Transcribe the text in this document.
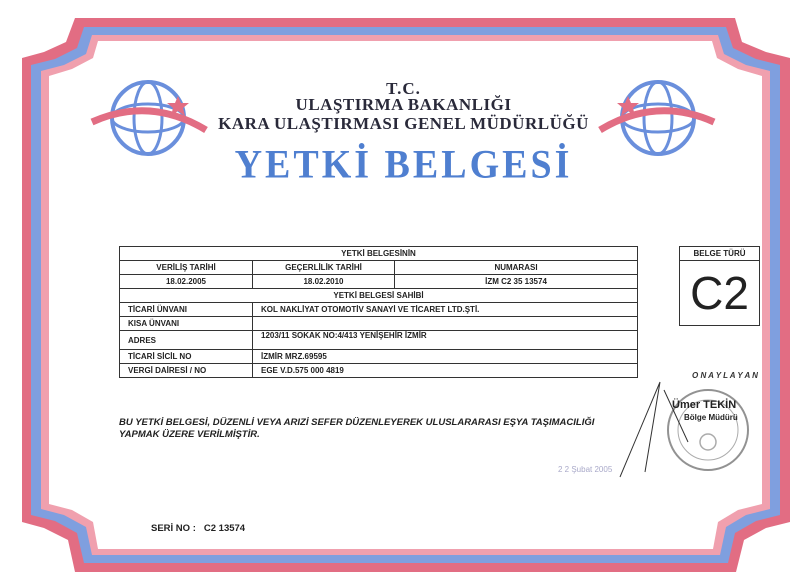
T.C.
ULAŞTIRMA BAKANLIĞI
KARA ULAŞTIRMASI GENEL MÜDÜRLÜĞÜ
YETKİ BELGESİ
YETKİ BELGESİNİN		
VERİLİŞ TARİHİ	GEÇERLİLİK TARİHİ	NUMARASI
18.02.2005	18.02.2010	İZM C2 35 13574
YETKİ BELGESİ SAHİBİ		
TİCARİ ÜNVANI	KOL NAKLİYAT OTOMOTİV SANAYİ VE TİCARET LTD.ŞTİ.	
KISA ÜNVANI		
ADRES	1203/11 SOKAK NO:4/413 YENİŞEHİR İZMİR	
TİCARİ SİCİL NO	İZMİR MRZ.69595	
VERGİ DAİRESİ / NO	EGE V.D.575 000 4819	
BELGE TÜRÜ
C2
BU YETKİ BELGESİ, DÜZENLİ VEYA ARIZİ SEFER DÜZENLEYEREK ULUSLARARASI EŞYA TAŞIMACILIĞI YAPMAK ÜZERE VERİLMİŞTİR.
SERİ NO : C2 13574
O N A Y L A Y A N
Ümer TEKİN
Bölge Müdürü
2 2 Şubat 2005
